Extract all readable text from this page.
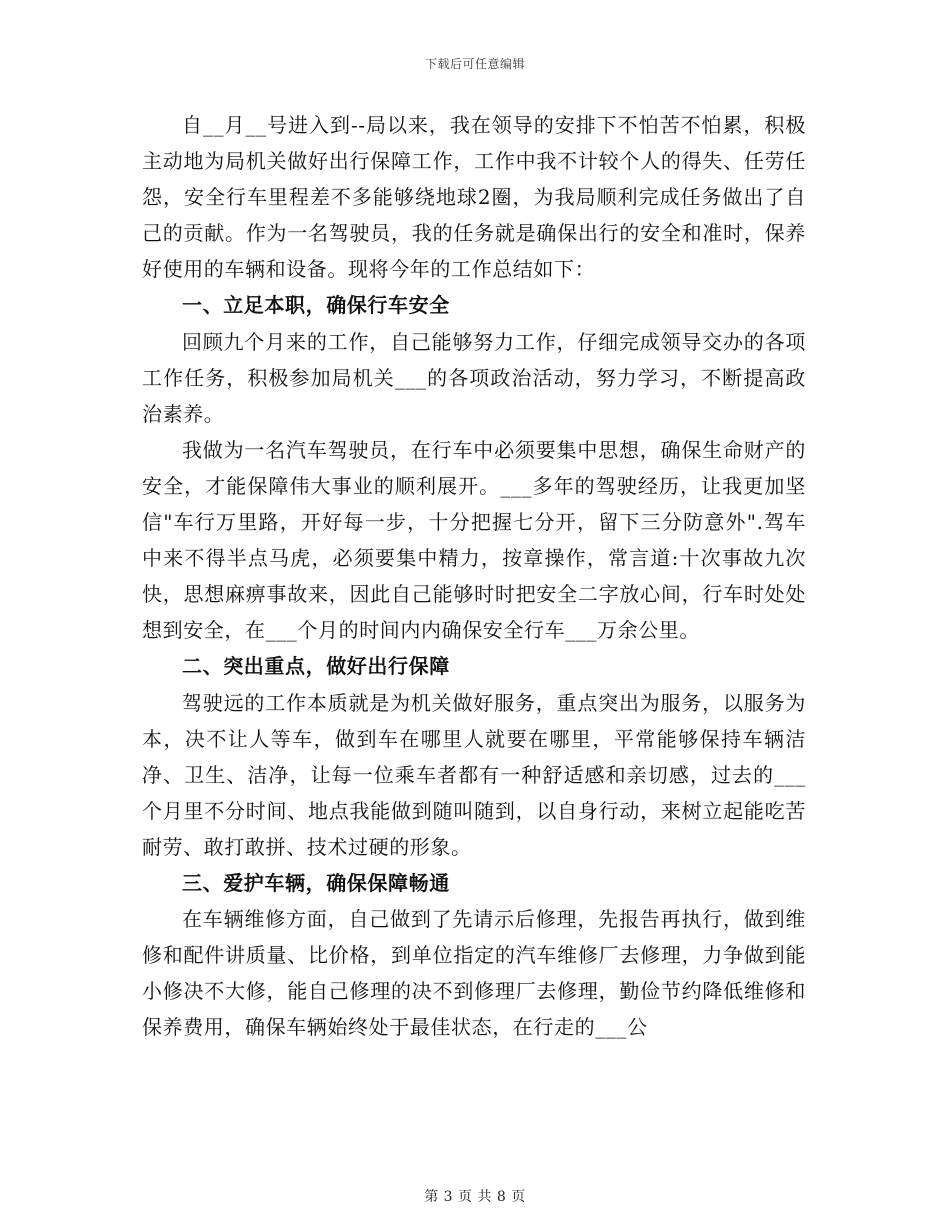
下载后可任意编辑

自__月__号进入到--局以来，我在领导的安排下不怕苦不怕累，积极主动地为局机关做好出行保障工作，工作中我不计较个人的得失、任劳任怨，安全行车里程差不多能够绕地球2圈，为我局顺利完成任务做出了自己的贡献。作为一名驾驶员，我的任务就是确保出行的安全和准时，保养好使用的车辆和设备。现将今年的工作总结如下：

一、立足本职，确保行车安全

回顾九个月来的工作，自己能够努力工作，仔细完成领导交办的各项工作任务，积极参加局机关___的各项政治活动，努力学习，不断提高政治素养。

我做为一名汽车驾驶员，在行车中必须要集中思想，确保生命财产的安全，才能保障伟大事业的顺利展开。___多年的驾驶经历，让我更加坚信"车行万里路，开好每一步，十分把握七分开，留下三分防意外".驾车中来不得半点马虎，必须要集中精力，按章操作，常言道:十次事故九次快，思想麻痹事故来，因此自己能够时时把安全二字放心间，行车时处处想到安全，在___个月的时间内内确保安全行车___万余公里。

二、突出重点，做好出行保障

驾驶远的工作本质就是为机关做好服务，重点突出为服务，以服务为本，决不让人等车，做到车在哪里人就要在哪里，平常能够保持车辆洁净、卫生、洁净，让每一位乘车者都有一种舒适感和亲切感，过去的___个月里不分时间、地点我能做到随叫随到，以自身行动，来树立起能吃苦耐劳、敢打敢拼、技术过硬的形象。

三、爱护车辆，确保保障畅通

在车辆维修方面，自己做到了先请示后修理，先报告再执行，做到维修和配件讲质量、比价格，到单位指定的汽车维修厂去修理，力争做到能小修决不大修，能自己修理的决不到修理厂去修理，勤俭节约降低维修和保养费用，确保车辆始终处于最佳状态，在行走的___公

第 3 页 共 8 页
